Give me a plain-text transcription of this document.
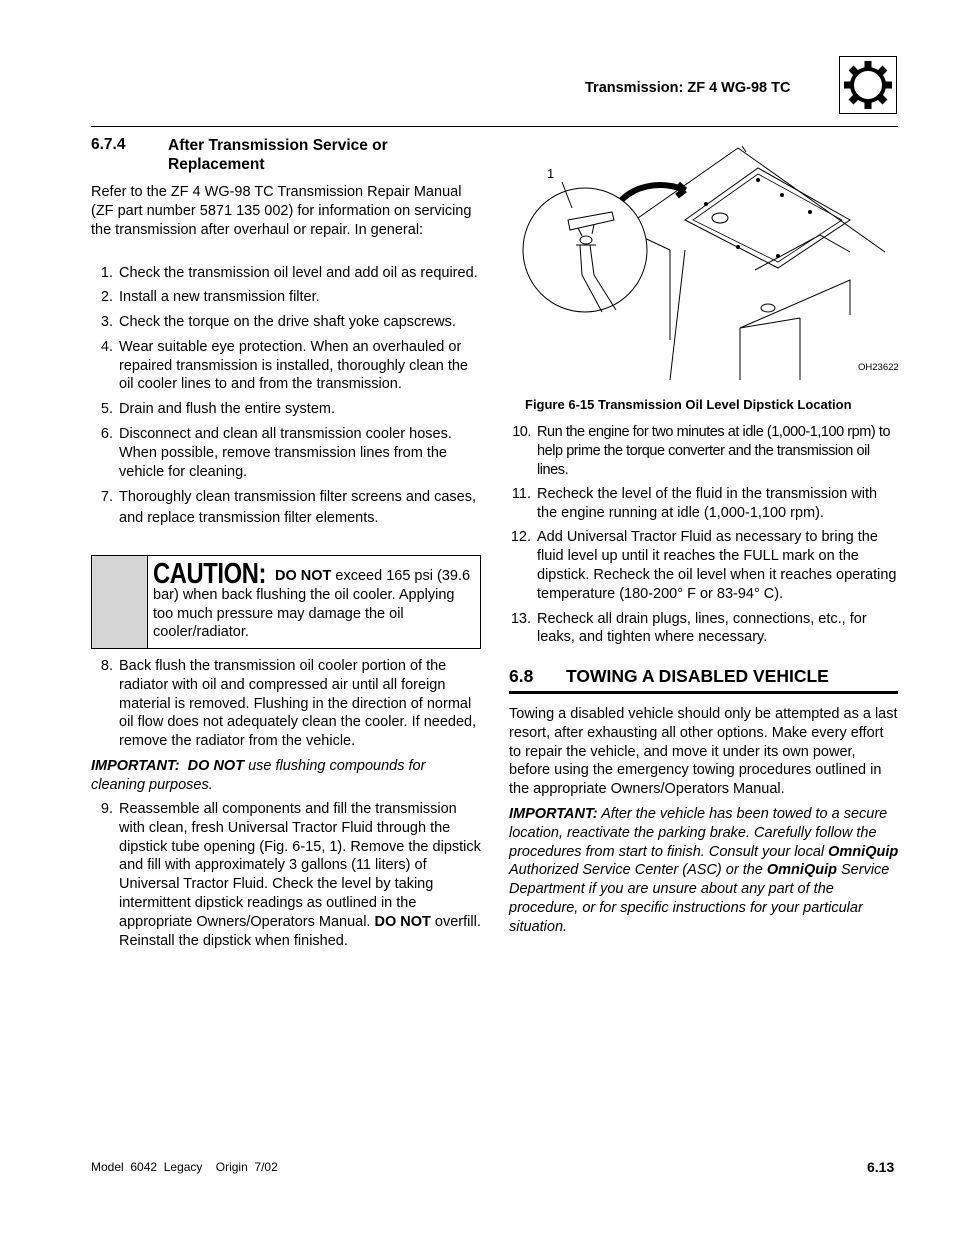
Transmission: ZF 4 WG-98 TC
6.7.4	After Transmission Service or Replacement
Refer to the ZF 4 WG-98 TC Transmission Repair Manual (ZF part number 5871 135 002) for information on servicing the transmission after overhaul or repair. In general:
1. Check the transmission oil level and add oil as required.
2. Install a new transmission filter.
3. Check the torque on the drive shaft yoke capscrews.
4. Wear suitable eye protection. When an overhauled or repaired transmission is installed, thoroughly clean the oil cooler lines to and from the transmission.
5. Drain and flush the entire system.
6. Disconnect and clean all transmission cooler hoses. When possible, remove transmission lines from the vehicle for cleaning.
7. Thoroughly clean transmission filter screens and cases, and replace transmission filter elements.
CAUTION: DO NOT exceed 165 psi (39.6 bar) when back flushing the oil cooler. Applying too much pressure may damage the oil cooler/radiator.
8. Back flush the transmission oil cooler portion of the radiator with oil and compressed air until all foreign material is removed. Flushing in the direction of normal oil flow does not adequately clean the cooler. If needed, remove the radiator from the vehicle.
IMPORTANT: DO NOT use flushing compounds for cleaning purposes.
9. Reassemble all components and fill the transmission with clean, fresh Universal Tractor Fluid through the dipstick tube opening (Fig. 6-15, 1). Remove the dipstick and fill with approximately 3 gallons (11 liters) of Universal Tractor Fluid. Check the level by taking intermittent dipstick readings as outlined in the appropriate Owners/Operators Manual. DO NOT overfill. Reinstall the dipstick when finished.
1
OH23622
Figure 6-15 Transmission Oil Level Dipstick Location
10. Run the engine for two minutes at idle (1,000-1,100 rpm) to help prime the torque converter and the transmission oil lines.
11. Recheck the level of the fluid in the transmission with the engine running at idle (1,000-1,100 rpm).
12. Add Universal Tractor Fluid as necessary to bring the fluid level up until it reaches the FULL mark on the dipstick. Recheck the oil level when it reaches operating temperature (180-200° F or 83-94° C).
13. Recheck all drain plugs, lines, connections, etc., for leaks, and tighten where necessary.
6.8 TOWING A DISABLED VEHICLE
Towing a disabled vehicle should only be attempted as a last resort, after exhausting all other options. Make every effort to repair the vehicle, and move it under its own power, before using the emergency towing procedures outlined in the appropriate Owners/Operators Manual.
IMPORTANT: After the vehicle has been towed to a secure location, reactivate the parking brake. Carefully follow the procedures from start to finish. Consult your local OmniQuip Authorized Service Center (ASC) or the OmniQuip Service Department if you are unsure about any part of the procedure, or for specific instructions for your particular situation.
Model  6042  Legacy    Origin  7/02	6.13
